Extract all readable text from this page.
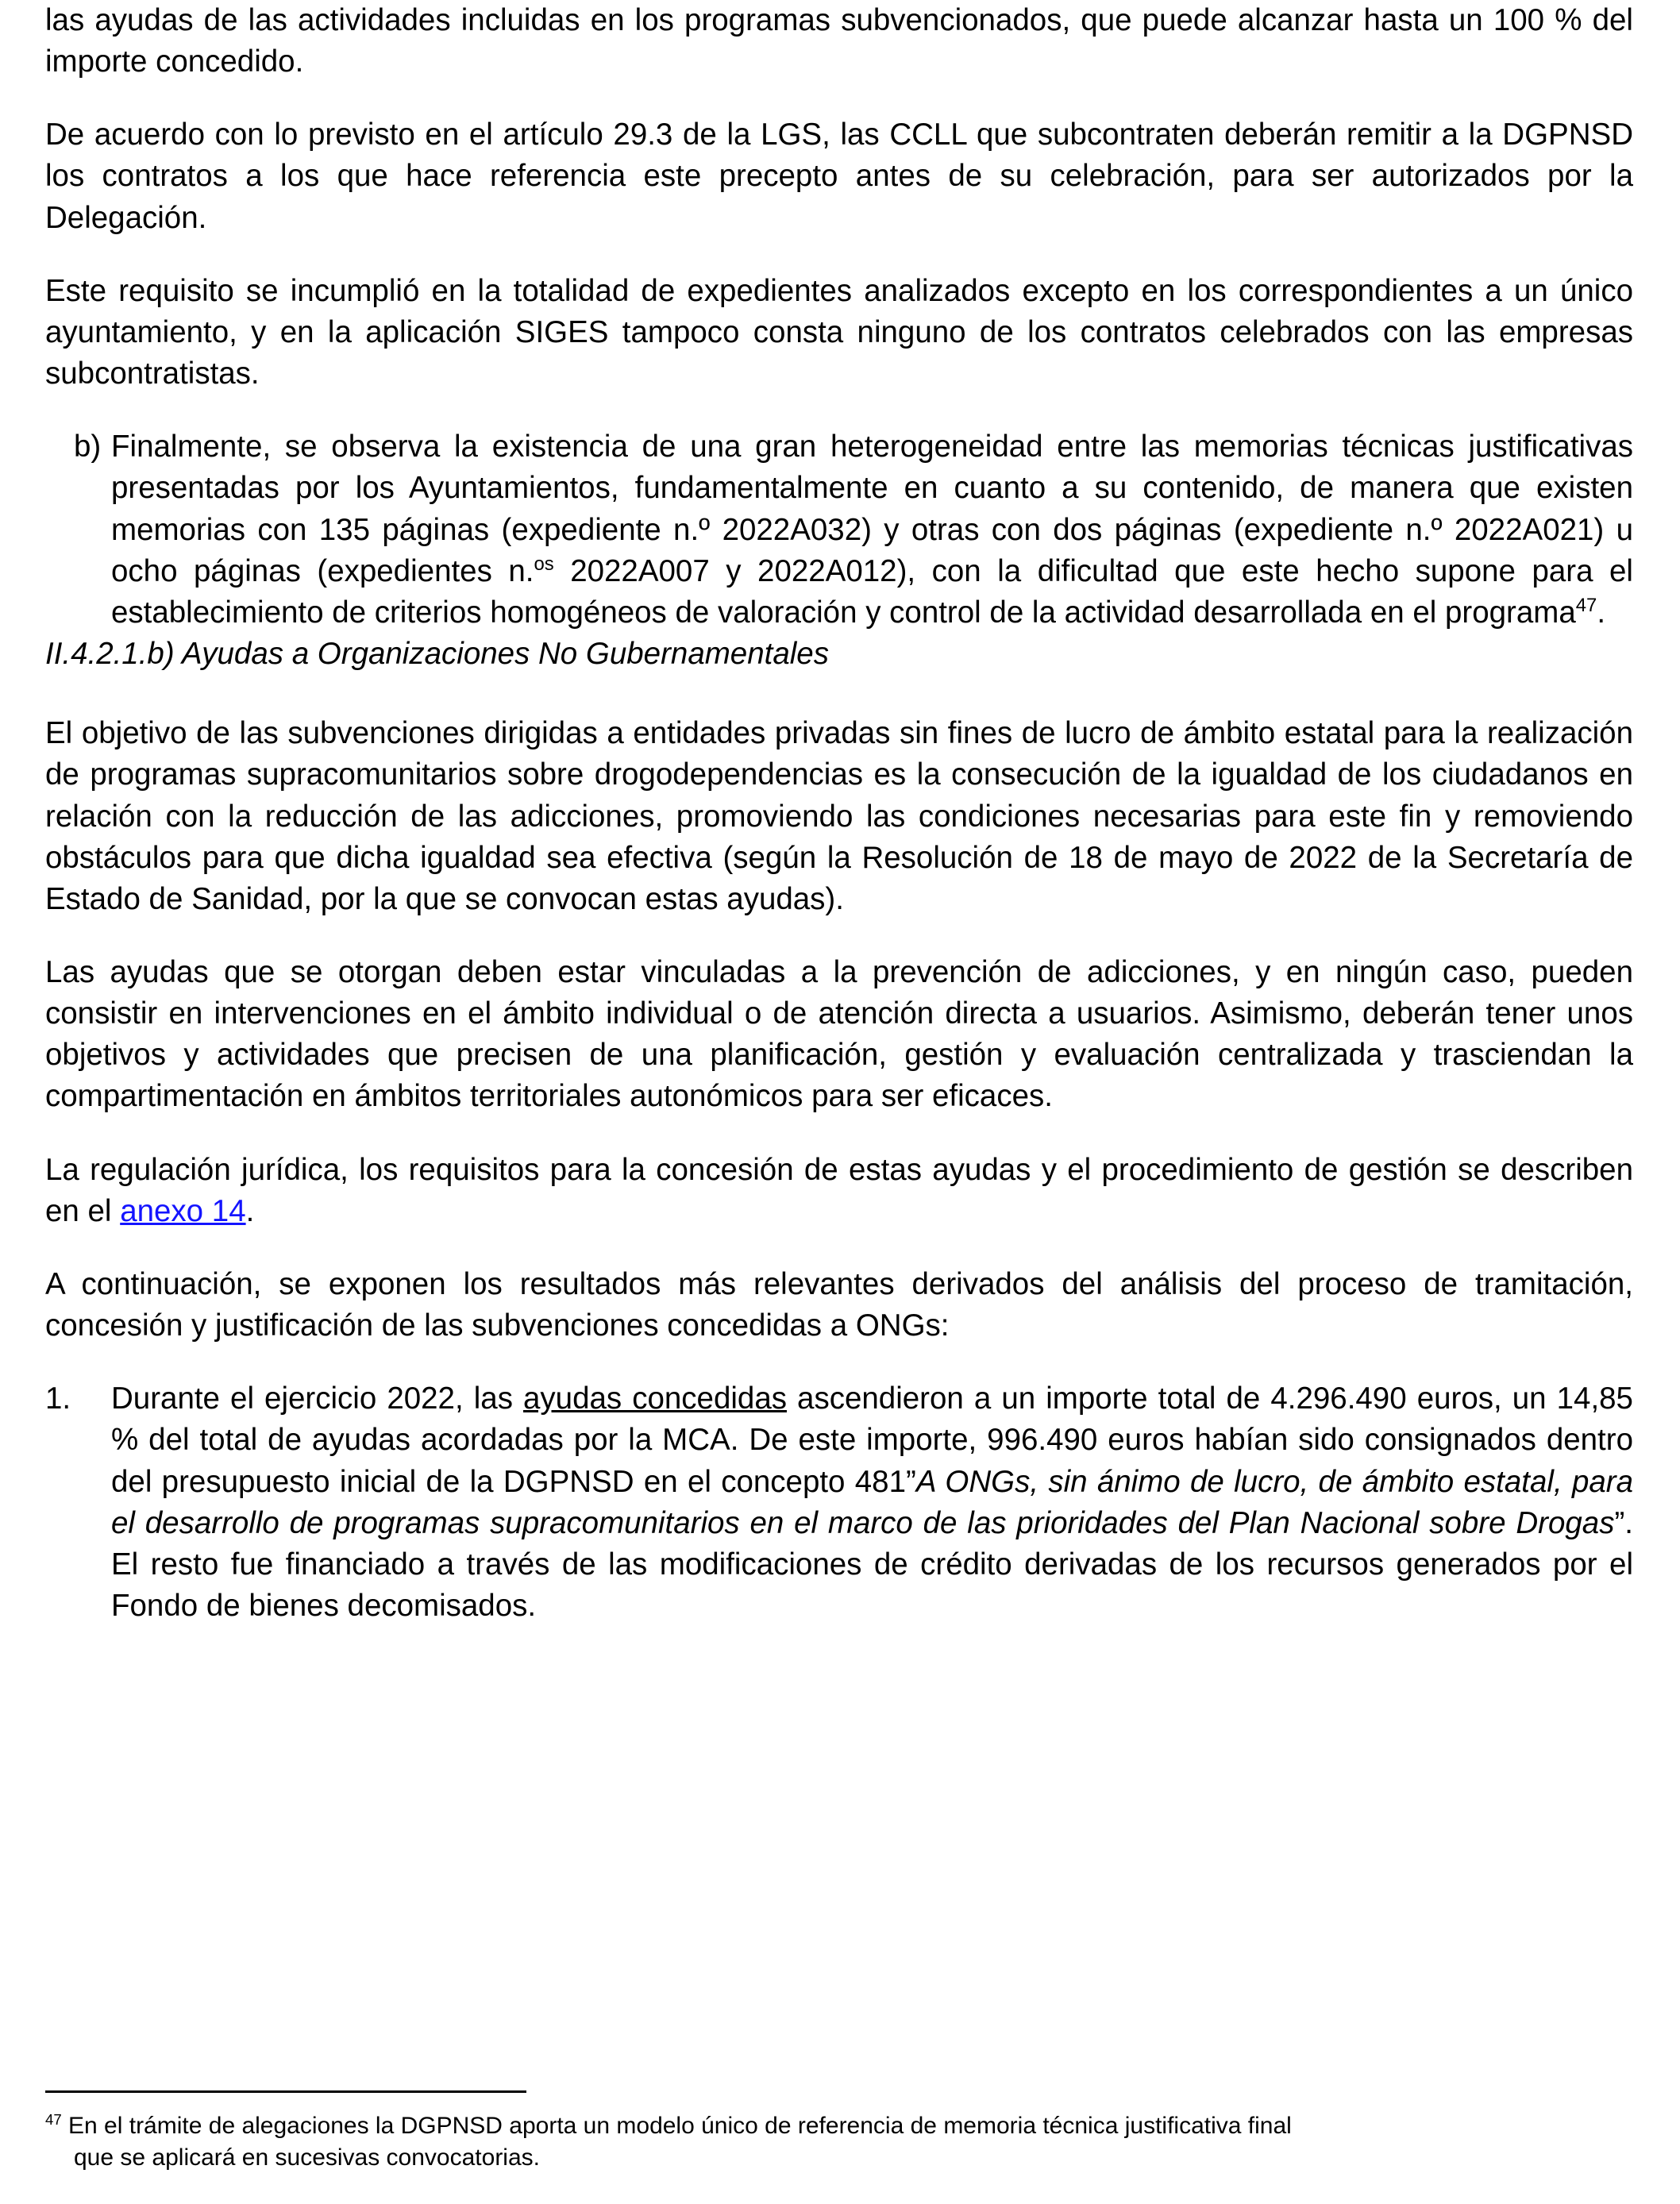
las ayudas de las actividades incluidas en los programas subvencionados, que puede alcanzar hasta un 100 % del importe concedido.

De acuerdo con lo previsto en el artículo 29.3 de la LGS, las CCLL que subcontraten deberán remitir a la DGPNSD los contratos a los que hace referencia este precepto antes de su celebración, para ser autorizados por la Delegación.

Este requisito se incumplió en la totalidad de expedientes analizados excepto en los correspondientes a un único ayuntamiento, y en la aplicación SIGES tampoco consta ninguno de los contratos celebrados con las empresas subcontratistas.

b) Finalmente, se observa la existencia de una gran heterogeneidad entre las memorias técnicas justificativas presentadas por los Ayuntamientos, fundamentalmente en cuanto a su contenido, de manera que existen memorias con 135 páginas (expediente n.º 2022A032) y otras con dos páginas (expediente n.º 2022A021) u ocho páginas (expedientes n.$^{os}$ 2022A007 y 2022A012), con la dificultad que este hecho supone para el establecimiento de criterios homogéneos de valoración y control de la actividad desarrollada en el programa$^{47}$.
II.4.2.1.b) Ayudas a Organizaciones No Gubernamentales

El objetivo de las subvenciones dirigidas a entidades privadas sin fines de lucro de ámbito estatal para la realización de programas supracomunitarios sobre drogodependencias es la consecución de la igualdad de los ciudadanos en relación con la reducción de las adicciones, promoviendo las condiciones necesarias para este fin y removiendo obstáculos para que dicha igualdad sea efectiva (según la Resolución de 18 de mayo de 2022 de la Secretaría de Estado de Sanidad, por la que se convocan estas ayudas).

Las ayudas que se otorgan deben estar vinculadas a la prevención de adicciones, y en ningún caso, pueden consistir en intervenciones en el ámbito individual o de atención directa a usuarios. Asimismo, deberán tener unos objetivos y actividades que precisen de una planificación, gestión y evaluación centralizada y trasciendan la compartimentación en ámbitos territoriales autonómicos para ser eficaces.

La regulación jurídica, los requisitos para la concesión de estas ayudas y el procedimiento de gestión se describen en el anexo 14.

A continuación, se exponen los resultados más relevantes derivados del análisis del proceso de tramitación, concesión y justificación de las subvenciones concedidas a ONGs:

1.	Durante el ejercicio 2022, las ayudas concedidas ascendieron a un importe total de 4.296.490 euros, un 14,85 % del total de ayudas acordadas por la MCA. De este importe, 996.490 euros habían sido consignados dentro del presupuesto inicial de la DGPNSD en el concepto 481”A ONGs, sin ánimo de lucro, de ámbito estatal, para el desarrollo de programas supracomunitarios en el marco de las prioridades del Plan Nacional sobre Drogas”. El resto fue financiado a través de las modificaciones de crédito derivadas de los recursos generados por el Fondo de bienes decomisados.

$^{47}$ En el trámite de alegaciones la DGPNSD aporta un modelo único de referencia de memoria técnica justificativa final

que se aplicará en sucesivas convocatorias.
